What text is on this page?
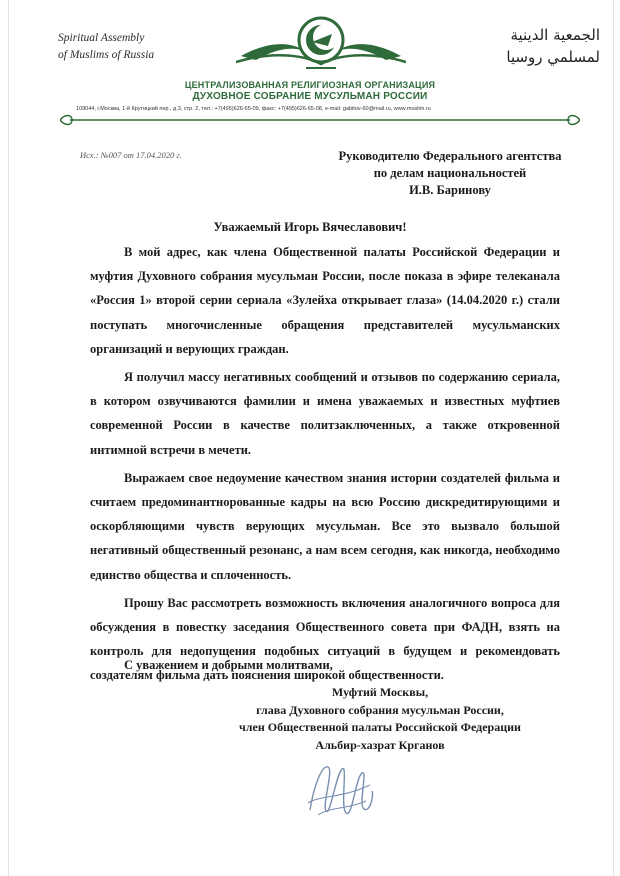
Spiritual Assembly
of Muslims of Russia
الجمعية الدينية
لمسلمي روسيا
ЦЕНТРАЛИЗОВАННАЯ РЕЛИГИОЗНАЯ ОРГАНИЗАЦИЯ
ДУХОВНОЕ СОБРАНИЕ МУСУЛЬМАН РОССИИ
109044, г.Москва, 1-й Крутицкий пер., д.3, стр. 2, тел.: +7(495)626-65-09, факс: +7(495)626-65-08, e-mail: gabitov-60@mail.ru, www.muslim.ru
Исх.: №007 от 17.04.2020 г.	Руководителю Федерального агентства
по делам национальностей
И.В. Баринову
Уважаемый Игорь Вячеславович!

В мой адрес, как члена Общественной палаты Российской Федерации и муфтия Духовного собрания мусульман России, после показа в эфире телеканала «Россия 1» второй серии сериала «Зулейха открывает глаза» (14.04.2020 г.) стали поступать многочисленные обращения представителей мусульманских организаций и верующих граждан.

Я получил массу негативных сообщений и отзывов по содержанию сериала, в котором озвучиваются фамилии и имена уважаемых и известных муфтиев современной России в качестве политзаключенных, а также откровенной интимной встречи в мечети.

Выражаем свое недоумение качеством знания истории создателей фильма и считаем предоминантнорованные кадры на всю Россию дискредитирующими и оскорбляющими чувств верующих мусульман. Все это вызвало большой негативный общественный резонанс, а нам всем сегодня, как никогда, необходимо единство общества и сплоченность.

Прошу Вас рассмотреть возможность включения аналогичного вопроса для обсуждения в повестку заседания Общественного совета при ФАДН, взять на контроль для недопущения подобных ситуаций в будущем и рекомендовать создателям фильма дать пояснения широкой общественности.

С уважением и добрыми молитвами,
Муфтий Москвы,
глава Духовного собрания мусульман России,
член Общественной палаты Российской Федерации
Альбир-хазрат Крганов
